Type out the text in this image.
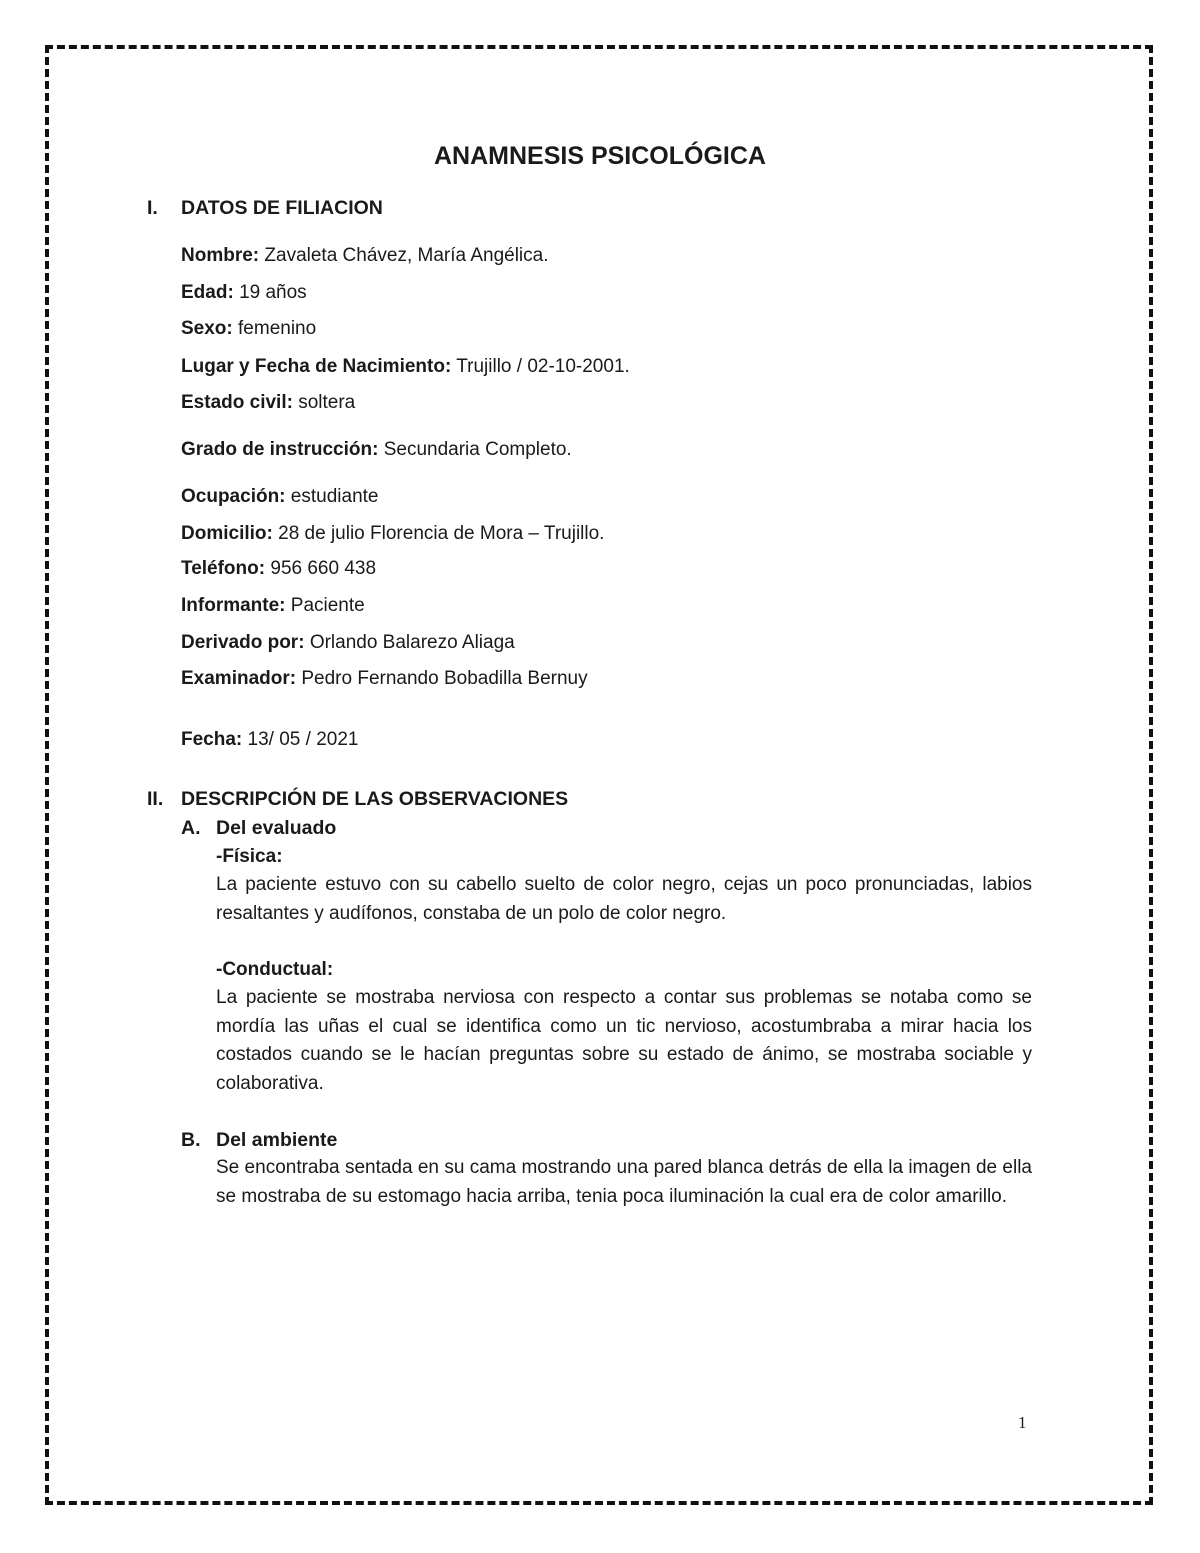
ANAMNESIS PSICOLÓGICA
I. DATOS DE FILIACION
Nombre: Zavaleta Chávez, María Angélica.
Edad: 19 años
Sexo: femenino
Lugar y Fecha de Nacimiento: Trujillo / 02-10-2001.
Estado civil: soltera
Grado de instrucción: Secundaria Completo.
Ocupación: estudiante
Domicilio: 28 de julio Florencia de Mora – Trujillo.
Teléfono: 956 660 438
Informante: Paciente
Derivado por: Orlando Balarezo Aliaga
Examinador: Pedro Fernando Bobadilla Bernuy
Fecha: 13/ 05 / 2021
II. DESCRIPCIÓN DE LAS OBSERVACIONES
A. Del evaluado
-Física:

La paciente estuvo con su cabello suelto de color negro, cejas un poco pronunciadas, labios resaltantes y audífonos, constaba de un polo de color negro.

-Conductual:

La paciente se mostraba nerviosa con respecto a contar sus problemas se notaba como se mordía las uñas el cual se identifica como un tic nervioso, acostumbraba a mirar hacia los costados cuando se le hacían preguntas sobre su estado de ánimo, se mostraba sociable y colaborativa.

B. Del ambiente

Se encontraba sentada en su cama mostrando una pared blanca detrás de ella la imagen de ella se mostraba de su estomago hacia arriba, tenia poca iluminación la cual era de color amarillo.

1
